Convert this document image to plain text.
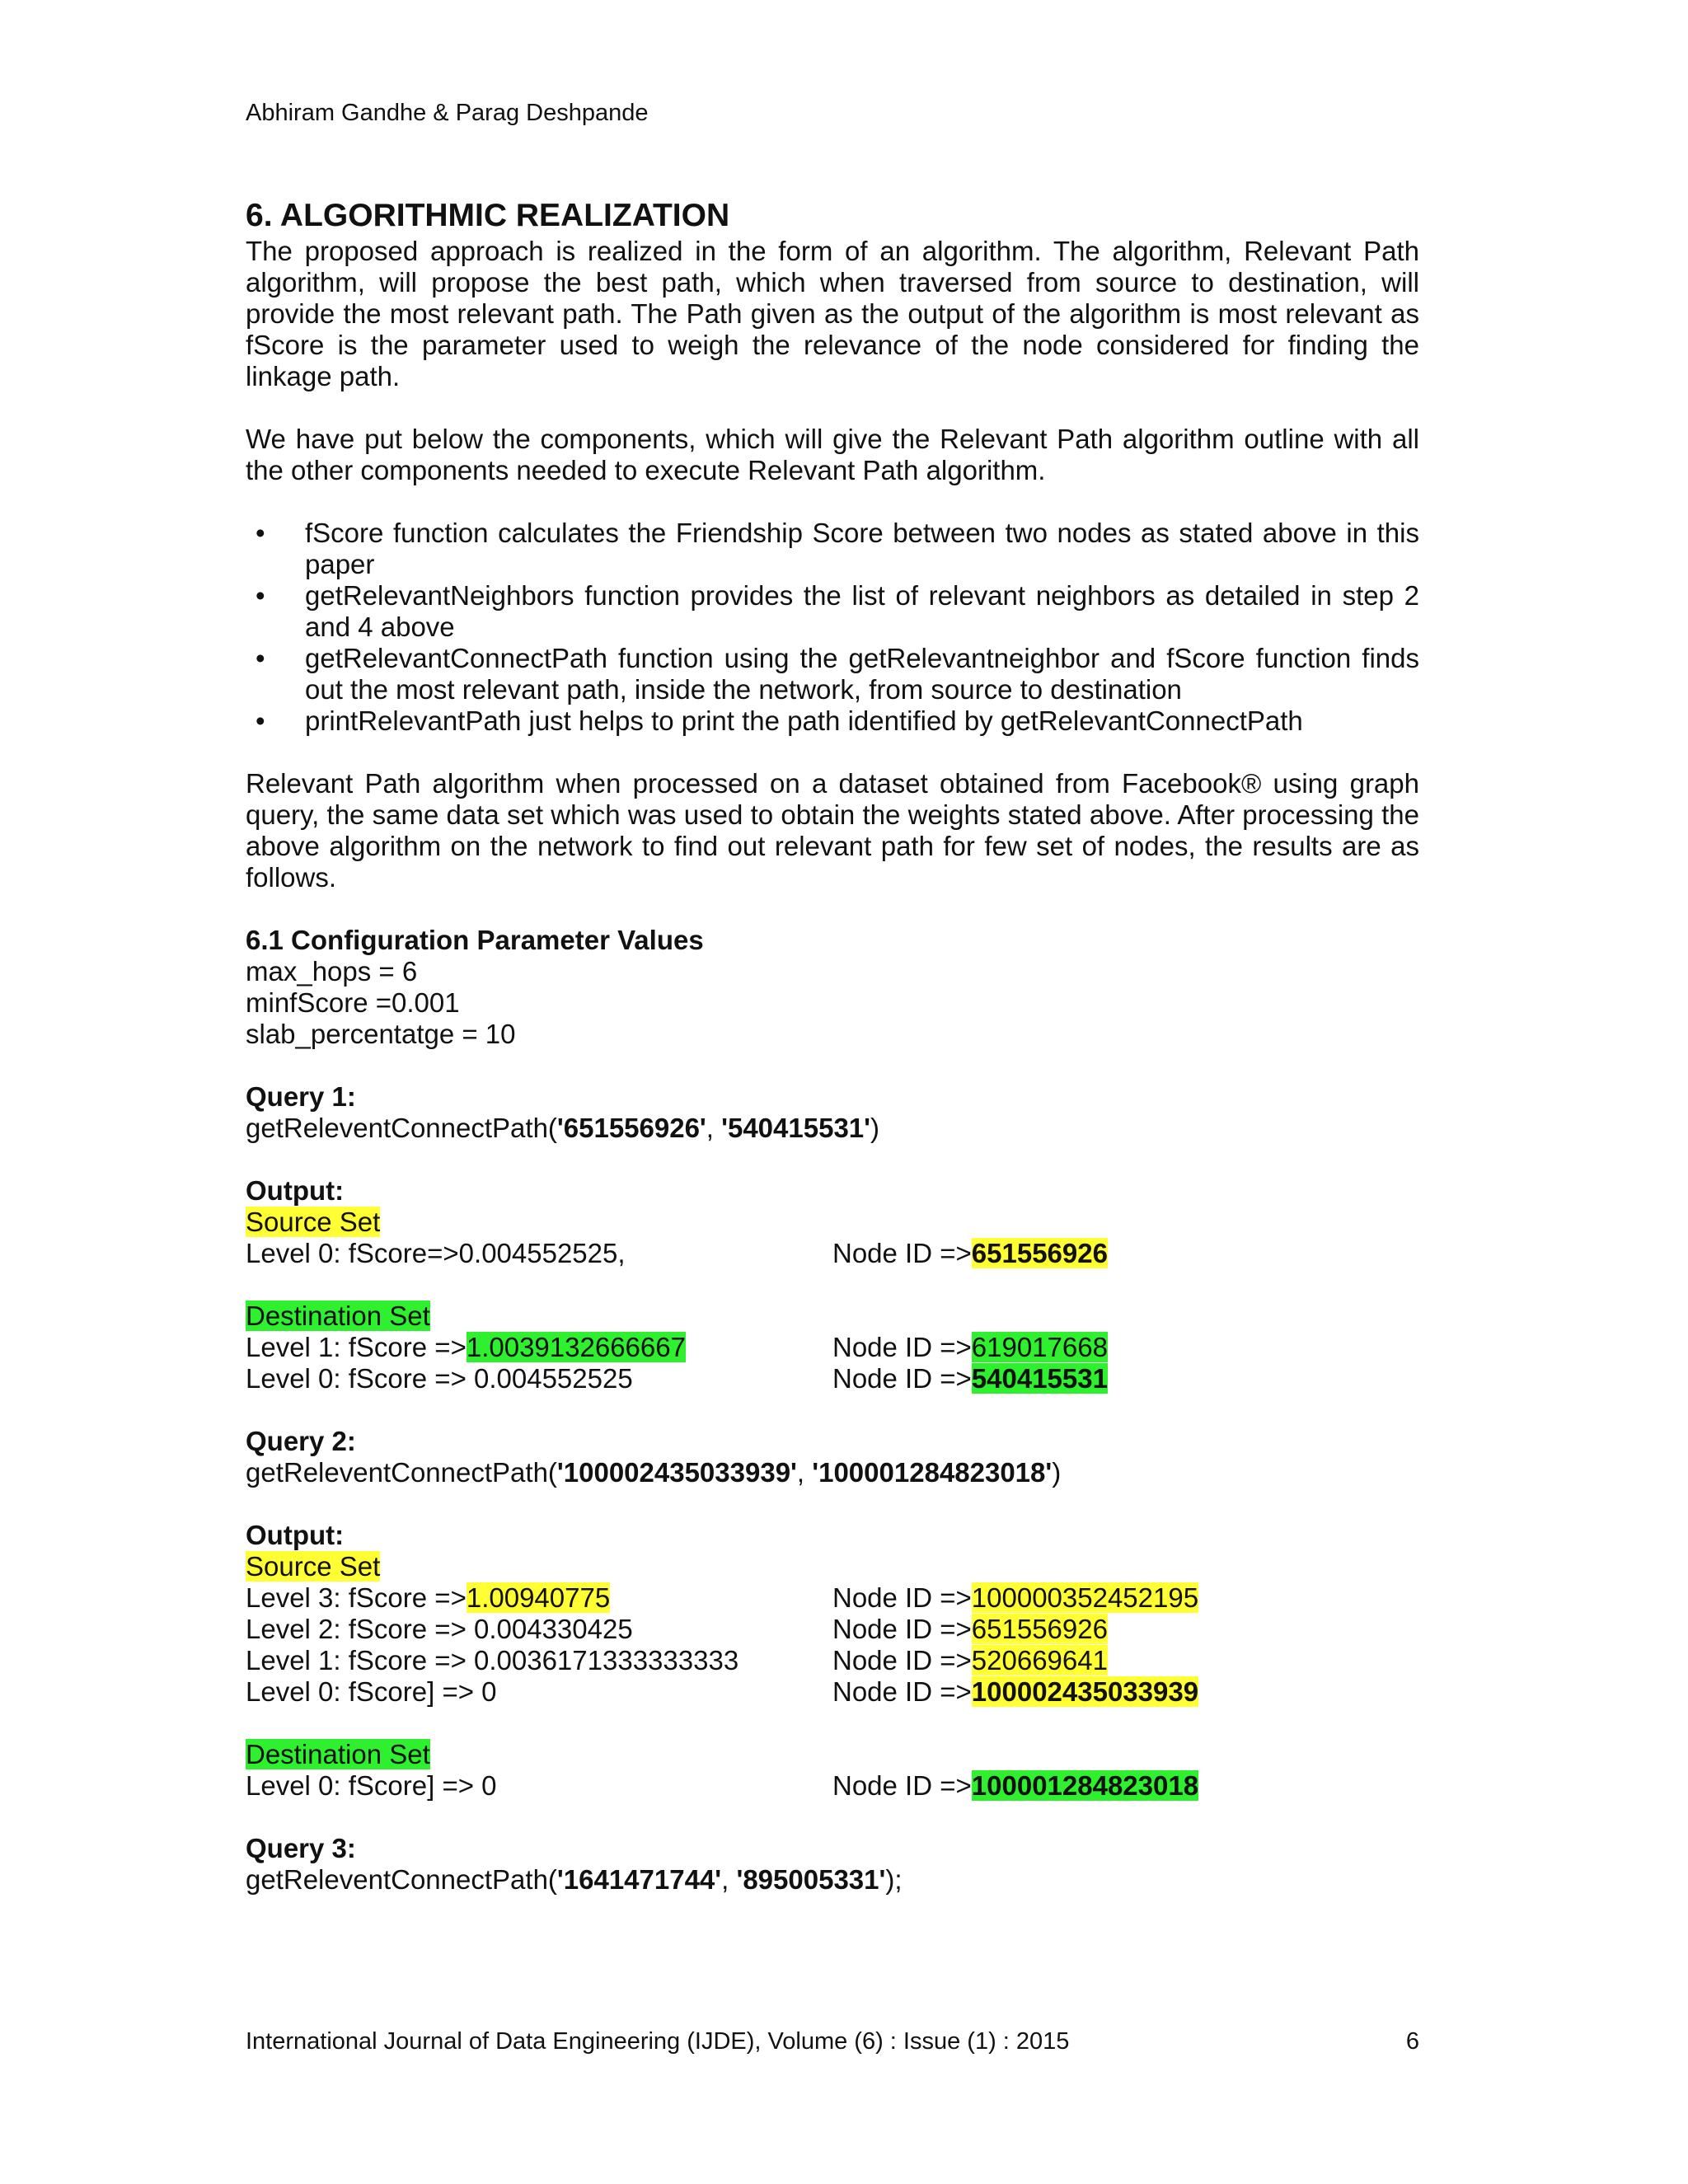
Abhiram Gandhe & Parag Deshpande
6. ALGORITHMIC REALIZATION

The proposed approach is realized in the form of an algorithm. The algorithm, Relevant Path algorithm, will propose the best path, which when traversed from source to destination, will provide the most relevant path. The Path given as the output of the algorithm is most relevant as fScore is the parameter used to weigh the relevance of the node considered for finding the linkage path.

We have put below the components, which will give the Relevant Path algorithm outline with all the other components needed to execute Relevant Path algorithm.

• fScore function calculates the Friendship Score between two nodes as stated above in this paper
• getRelevantNeighbors function provides the list of relevant neighbors as detailed in step 2 and 4 above
• getRelevantConnectPath function using the getRelevantneighbor and fScore function finds out the most relevant path, inside the network, from source to destination
• printRelevantPath just helps to print the path identified by getRelevantConnectPath

Relevant Path algorithm when processed on a dataset obtained from Facebook® using graph query, the same data set which was used to obtain the weights stated above. After processing the above algorithm on the network to find out relevant path for few set of nodes, the results are as follows.

6.1 Configuration Parameter Values
max_hops = 6
minfScore =0.001
slab_percentatge = 10
Query 1:
getReleventConnectPath('651556926', '540415531')
Output:
Source Set
Level 0: fScore=>0.004552525,	Node ID =>651556926
Destination Set
Level 1: fScore =>1.0039132666667	Node ID =>619017668
Level 0: fScore => 0.004552525	Node ID =>540415531
Query 2:
getReleventConnectPath('100002435033939', '100001284823018')
Output:
Source Set
Level 3: fScore =>1.00940775	Node ID =>100000352452195
Level 2: fScore => 0.004330425	Node ID =>651556926
Level 1: fScore => 0.0036171333333333	Node ID =>520669641
Level 0: fScore] => 0	Node ID =>100002435033939
Destination Set
Level 0: fScore] => 0	Node ID =>100001284823018
Query 3:
getReleventConnectPath('1641471744', '895005331');
International Journal of Data Engineering (IJDE), Volume (6) : Issue (1) : 2015	6
